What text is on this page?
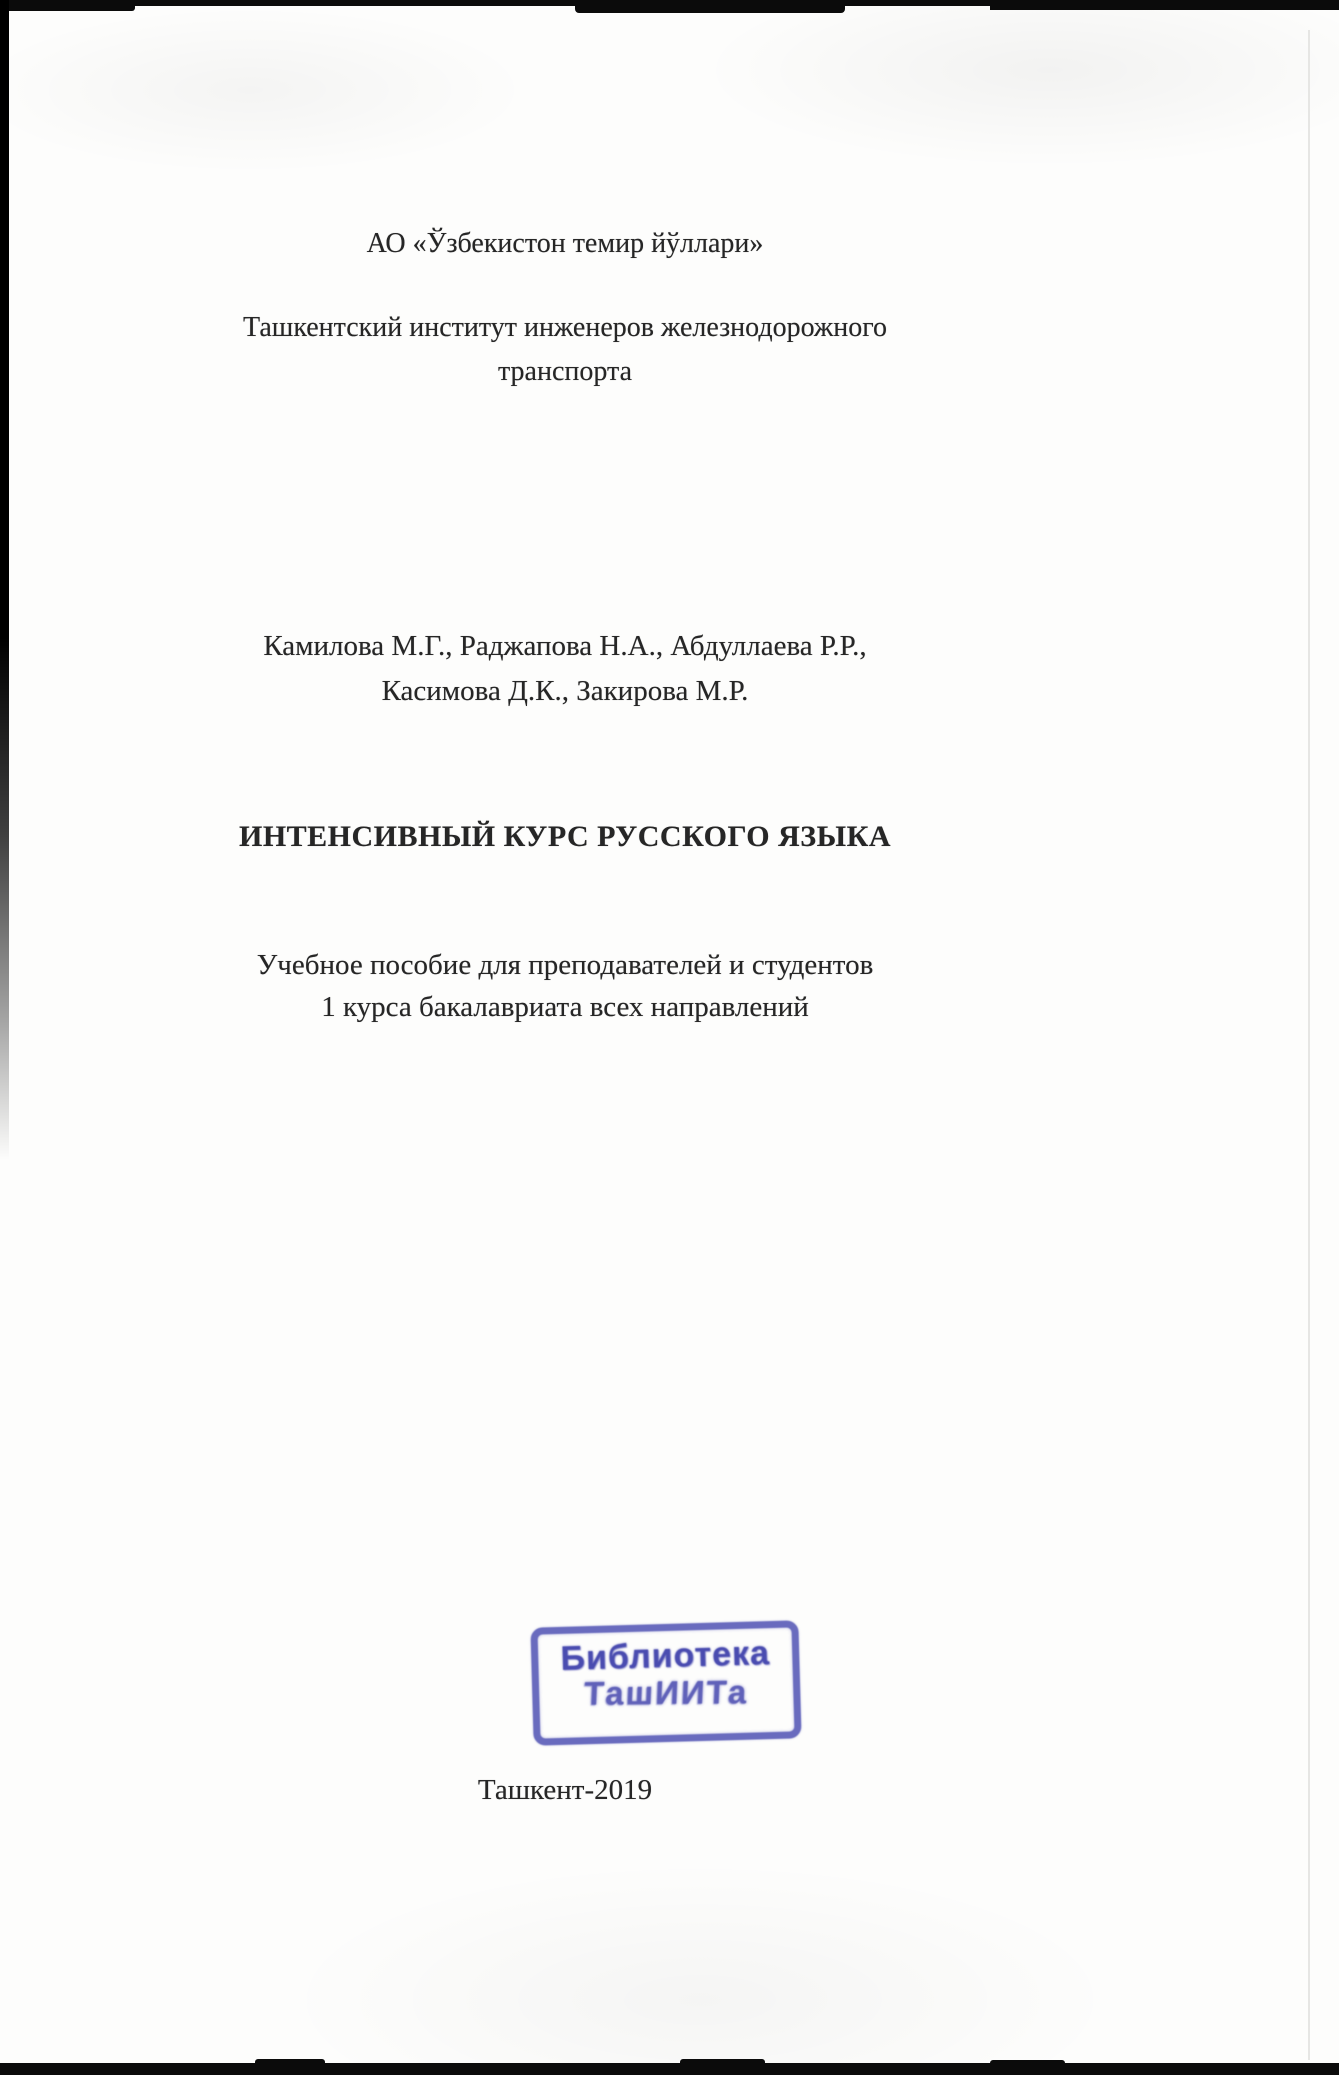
АО «Ўзбекистон темир йўллари»
Ташкентский институт инженеров железнодорожного
транспорта
Камилова М.Г., Раджапова Н.А., Абдуллаева Р.Р.,
Касимова Д.К., Закирова М.Р.
ИНТЕНСИВНЫЙ КУРС РУССКОГО ЯЗЫКА
Учебное пособие для преподавателей и студентов
1 курса бакалавриата всех направлений
Библиотека
ТашИИТа
Ташкент-2019
